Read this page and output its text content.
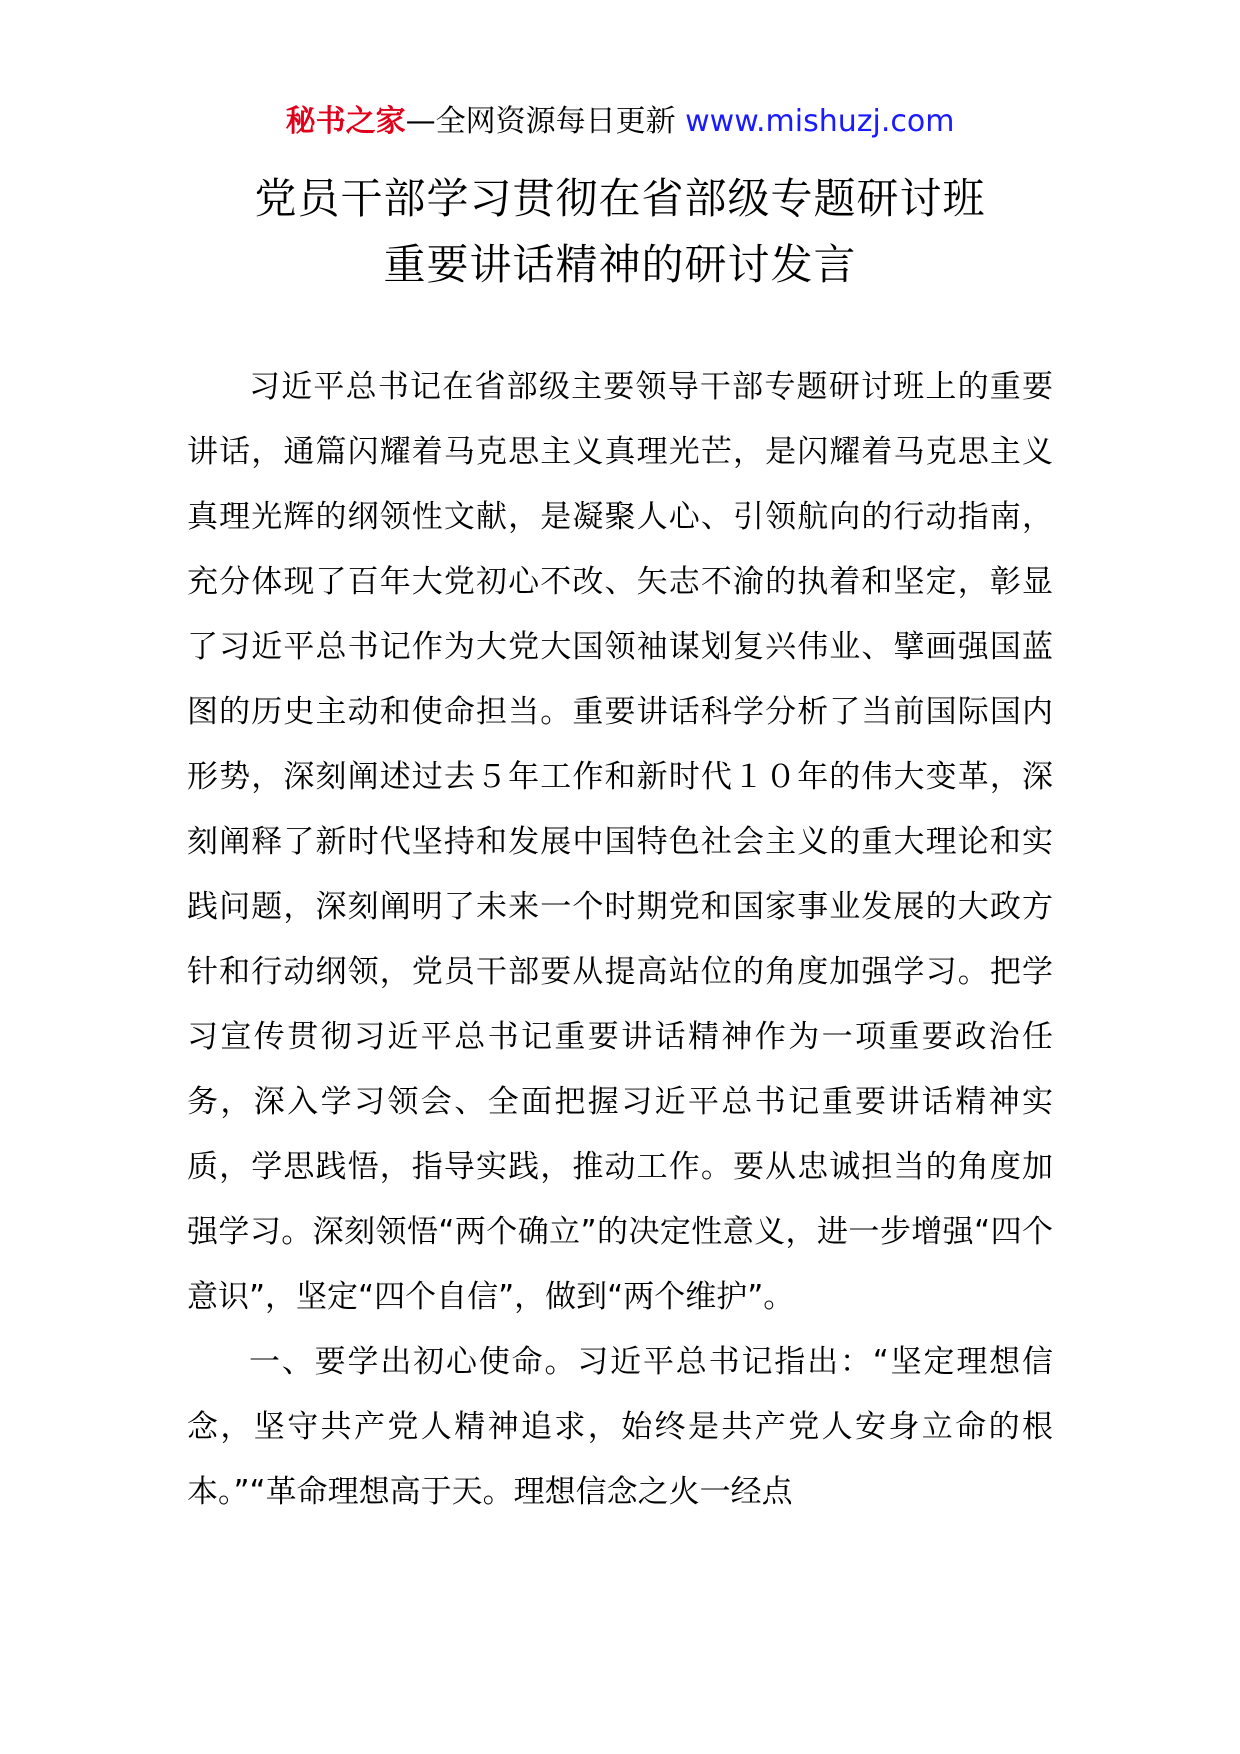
秘书之家—全网资源每日更新 www.mishuzj.com
党员干部学习贯彻在省部级专题研讨班
重要讲话精神的研讨发言

习近平总书记在省部级主要领导干部专题研讨班上的重要讲话，通篇闪耀着马克思主义真理光芒，是闪耀着马克思主义真理光辉的纲领性文献，是凝聚人心、引领航向的行动指南，充分体现了百年大党初心不改、矢志不渝的执着和坚定，彰显了习近平总书记作为大党大国领袖谋划复兴伟业、擘画强国蓝图的历史主动和使命担当。重要讲话科学分析了当前国际国内形势，深刻阐述过去５年工作和新时代１０年的伟大变革，深刻阐释了新时代坚持和发展中国特色社会主义的重大理论和实践问题，深刻阐明了未来一个时期党和国家事业发展的大政方针和行动纲领，党员干部要从提高站位的角度加强学习。把学习宣传贯彻习近平总书记重要讲话精神作为一项重要政治任务，深入学习领会、全面把握习近平总书记重要讲话精神实质，学思践悟，指导实践，推动工作。要从忠诚担当的角度加强学习。深刻领悟“两个确立”的决定性意义，进一步增强“四个意识”，坚定“四个自信”，做到“两个维护”。

一、要学出初心使命。习近平总书记指出：“坚定理想信念，坚守共产党人精神追求，始终是共产党人安身立命的根本。”“革命理想高于天。理想信念之火一经点
